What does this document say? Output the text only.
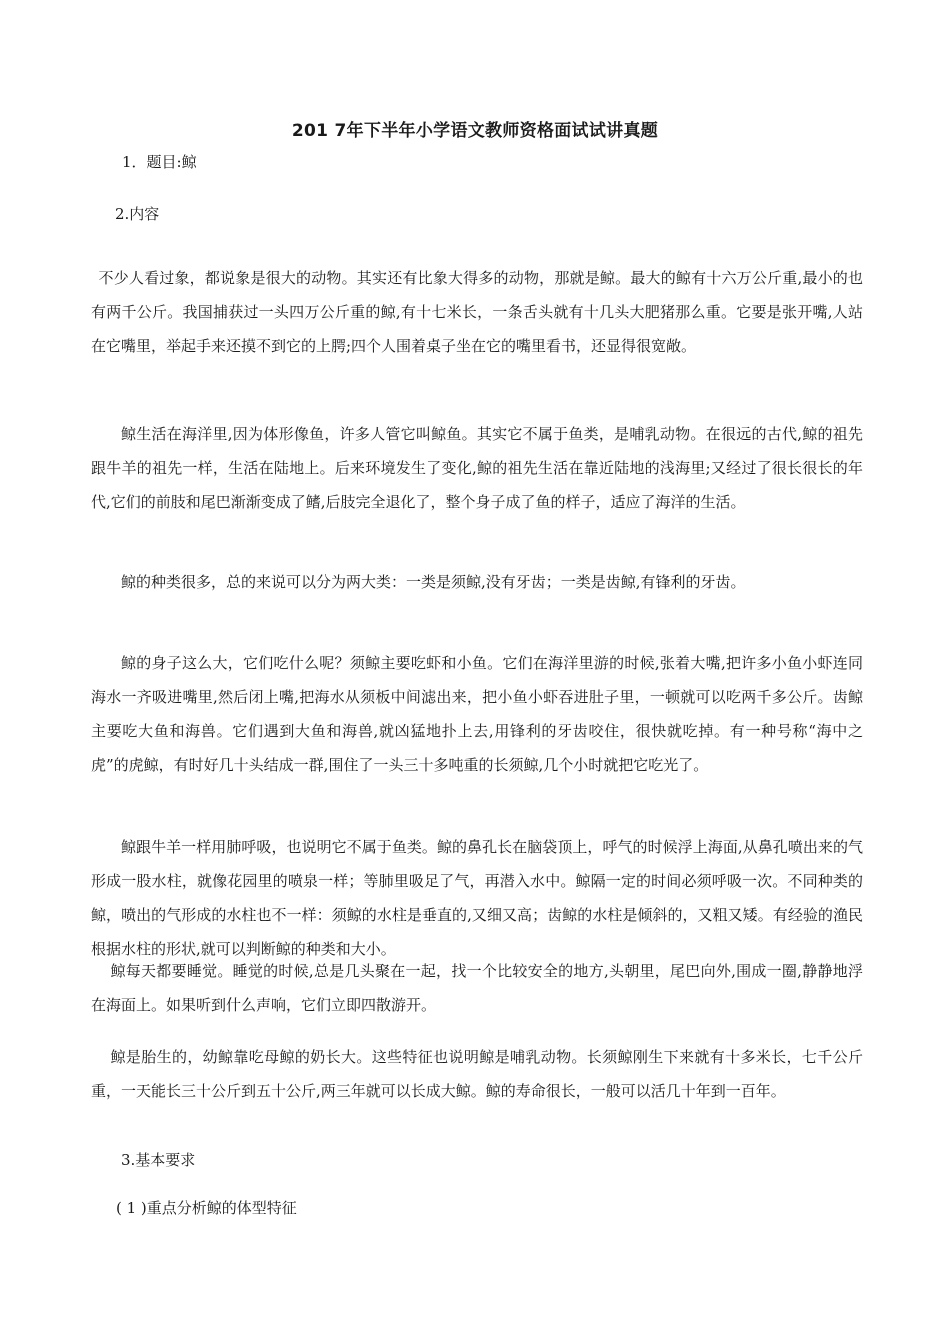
201 7年下半年小学语文教师资格面试试讲真题
1．题目:鲸
2.内容

不少人看过象，都说象是很大的动物。其实还有比象大得多的动物，那就是鲸。最大的鲸有十六万公斤重,最小的也有两千公斤。我国捕获过一头四万公斤重的鲸,有十七米长，一条舌头就有十几头大肥猪那么重。它要是张开嘴,人站在它嘴里，举起手来还摸不到它的上腭;四个人围着桌子坐在它的嘴里看书，还显得很宽敞。

鲸生活在海洋里,因为体形像鱼，许多人管它叫鲸鱼。其实它不属于鱼类，是哺乳动物。在很远的古代,鲸的祖先跟牛羊的祖先一样，生活在陆地上。后来环境发生了变化,鲸的祖先生活在靠近陆地的浅海里;又经过了很长很长的年代,它们的前肢和尾巴渐渐变成了鳍,后肢完全退化了，整个身子成了鱼的样子，适应了海洋的生活。

鲸的种类很多，总的来说可以分为两大类：一类是须鲸,没有牙齿；一类是齿鲸,有锋利的牙齿。

鲸的身子这么大，它们吃什么呢？须鲸主要吃虾和小鱼。它们在海洋里游的时候,张着大嘴,把许多小鱼小虾连同海水一齐吸进嘴里,然后闭上嘴,把海水从须板中间滤出来，把小鱼小虾吞进肚子里，一顿就可以吃两千多公斤。齿鲸主要吃大鱼和海兽。它们遇到大鱼和海兽,就凶猛地扑上去,用锋利的牙齿咬住，很快就吃掉。有一种号称“海中之虎”的虎鲸，有时好几十头结成一群,围住了一头三十多吨重的长须鲸,几个小时就把它吃光了。

鲸跟牛羊一样用肺呼吸，也说明它不属于鱼类。鲸的鼻孔长在脑袋顶上，呼气的时候浮上海面,从鼻孔喷出来的气形成一股水柱，就像花园里的喷泉一样；等肺里吸足了气，再潜入水中。鲸隔一定的时间必须呼吸一次。不同种类的鲸，喷出的气形成的水柱也不一样：须鲸的水柱是垂直的,又细又高；齿鲸的水柱是倾斜的，又粗又矮。有经验的渔民根据水柱的形状,就可以判断鲸的种类和大小。

鲸每天都要睡觉。睡觉的时候,总是几头聚在一起，找一个比较安全的地方,头朝里，尾巴向外,围成一圈,静静地浮在海面上。如果听到什么声响，它们立即四散游开。

鲸是胎生的，幼鲸靠吃母鲸的奶长大。这些特征也说明鲸是哺乳动物。长须鲸刚生下来就有十多米长，七千公斤重，一天能长三十公斤到五十公斤,两三年就可以长成大鲸。鲸的寿命很长，一般可以活几十年到一百年。

3.基本要求
( 1 )重点分析鲸的体型特征
